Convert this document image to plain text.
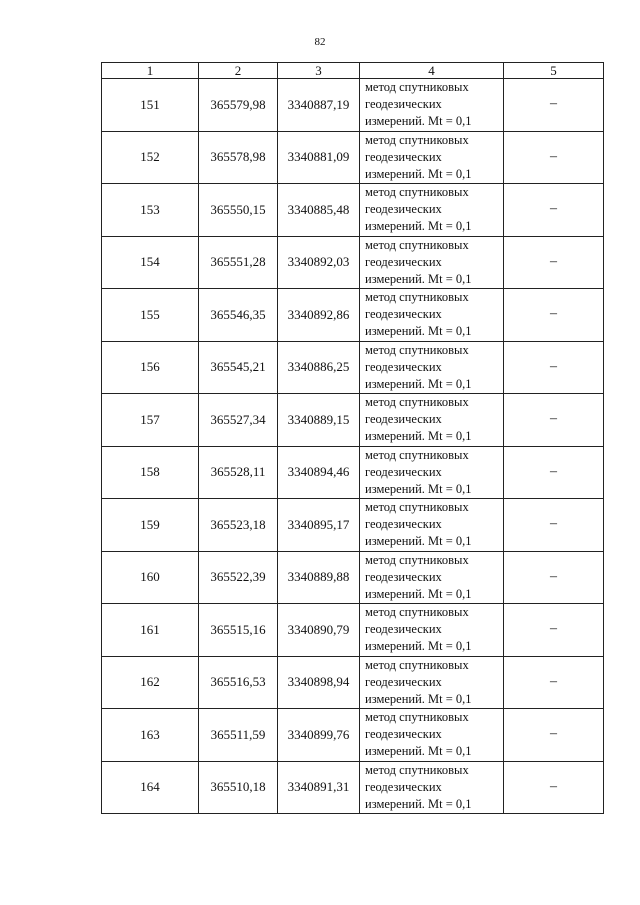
82
1	2	3	4	5
151	365579,98	3340887,19	метод спутниковых
геодезических
измерений. Mt = 0,1	–
152	365578,98	3340881,09	метод спутниковых
геодезических
измерений. Mt = 0,1	–
153	365550,15	3340885,48	метод спутниковых
геодезических
измерений. Mt = 0,1	–
154	365551,28	3340892,03	метод спутниковых
геодезических
измерений. Mt = 0,1	–
155	365546,35	3340892,86	метод спутниковых
геодезических
измерений. Mt = 0,1	–
156	365545,21	3340886,25	метод спутниковых
геодезических
измерений. Mt = 0,1	–
157	365527,34	3340889,15	метод спутниковых
геодезических
измерений. Mt = 0,1	–
158	365528,11	3340894,46	метод спутниковых
геодезических
измерений. Mt = 0,1	–
159	365523,18	3340895,17	метод спутниковых
геодезических
измерений. Mt = 0,1	–
160	365522,39	3340889,88	метод спутниковых
геодезических
измерений. Mt = 0,1	–
161	365515,16	3340890,79	метод спутниковых
геодезических
измерений. Mt = 0,1	–
162	365516,53	3340898,94	метод спутниковых
геодезических
измерений. Mt = 0,1	–
163	365511,59	3340899,76	метод спутниковых
геодезических
измерений. Mt = 0,1	–
164	365510,18	3340891,31	метод спутниковых
геодезических
измерений. Mt = 0,1	–
